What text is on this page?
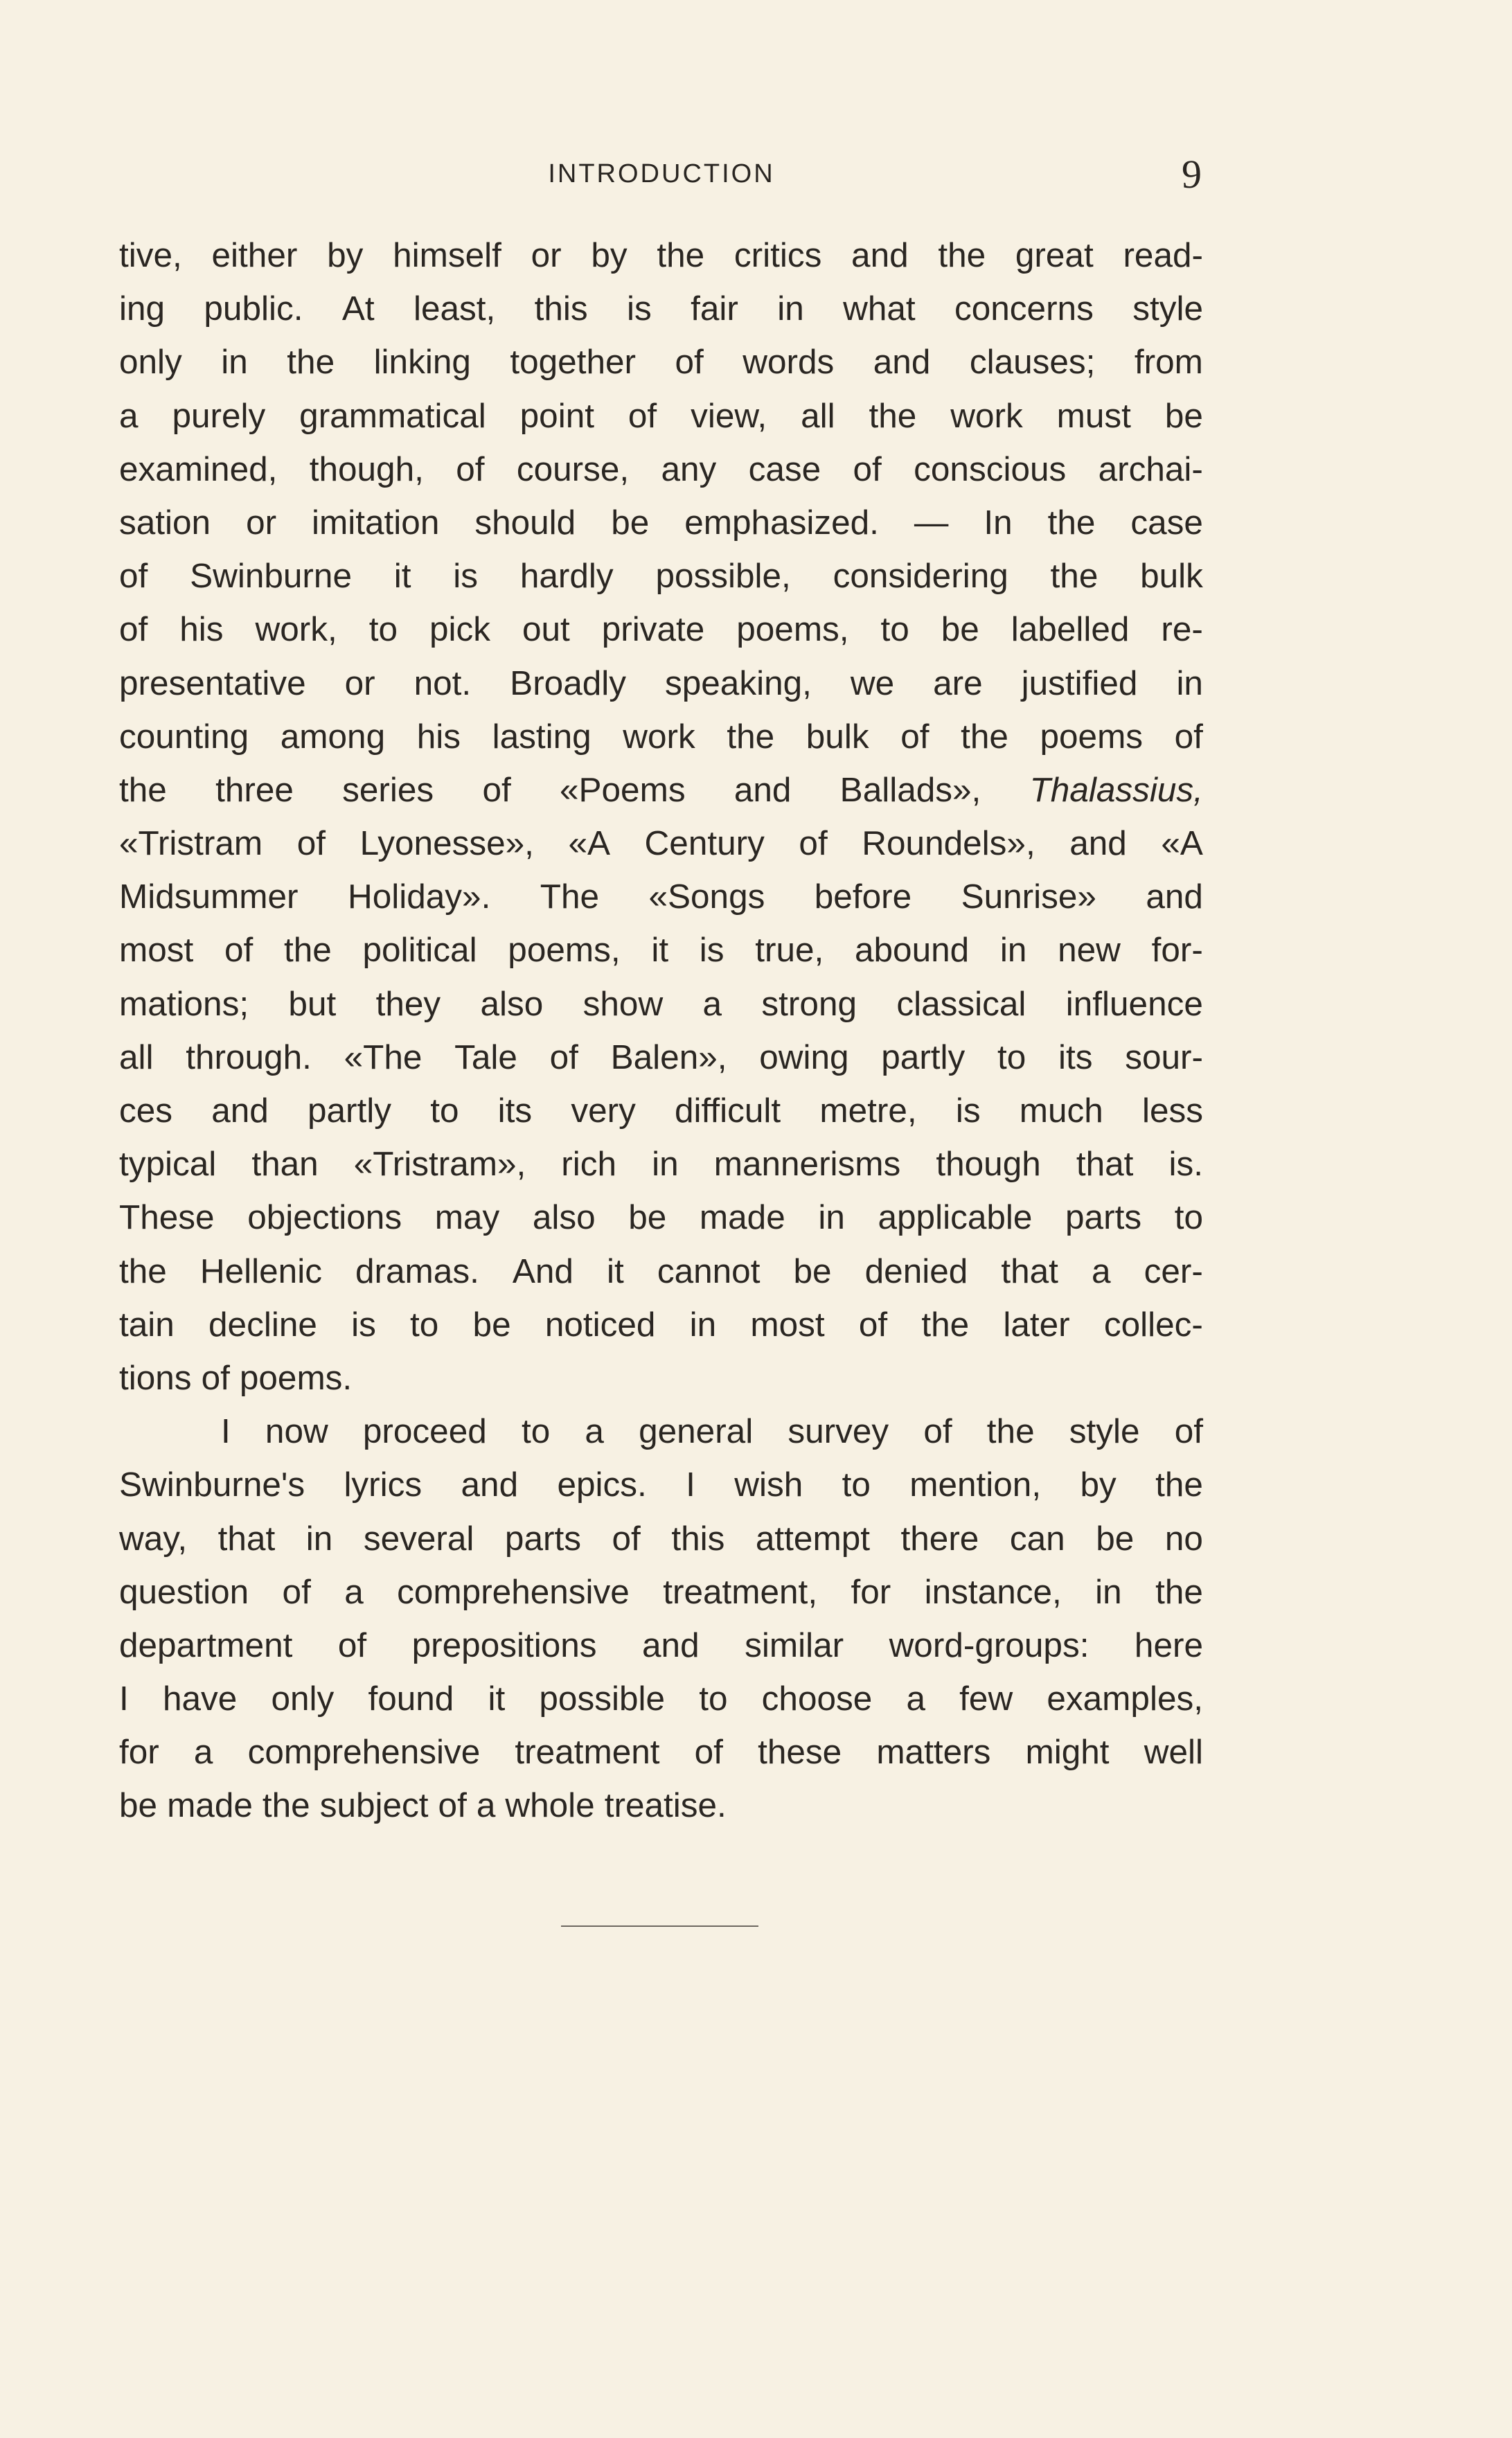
INTRODUCTION	9
tive, either by himself or by the critics and the great read-
ing public. At least, this is fair in what concerns style
only in the linking together of words and clauses; from
a purely grammatical point of view, all the work must be
examined, though, of course, any case of conscious archai-
sation or imitation should be emphasized. — In the case
of Swinburne it is hardly possible, considering the bulk
of his work, to pick out private poems, to be labelled re-
presentative or not. Broadly speaking, we are justified in
counting among his lasting work the bulk of the poems of
the three series of «Poems and Ballads», Thalassius,
«Tristram of Lyonesse», «A Century of Roundels», and «A
Midsummer Holiday». The «Songs before Sunrise» and
most of the political poems, it is true, abound in new for-
mations; but they also show a strong classical influence
all through. «The Tale of Balen», owing partly to its sour-
ces and partly to its very difficult metre, is much less
typical than «Tristram», rich in mannerisms though that is.
These objections may also be made in applicable parts to
the Hellenic dramas. And it cannot be denied that a cer-
tain decline is to be noticed in most of the later collec-
tions of poems.
I now proceed to a general survey of the style of
Swinburne's lyrics and epics. I wish to mention, by the
way, that in several parts of this attempt there can be no
question of a comprehensive treatment, for instance, in the
department of prepositions and similar word-groups: here
I have only found it possible to choose a few examples,
for a comprehensive treatment of these matters might well
be made the subject of a whole treatise.
